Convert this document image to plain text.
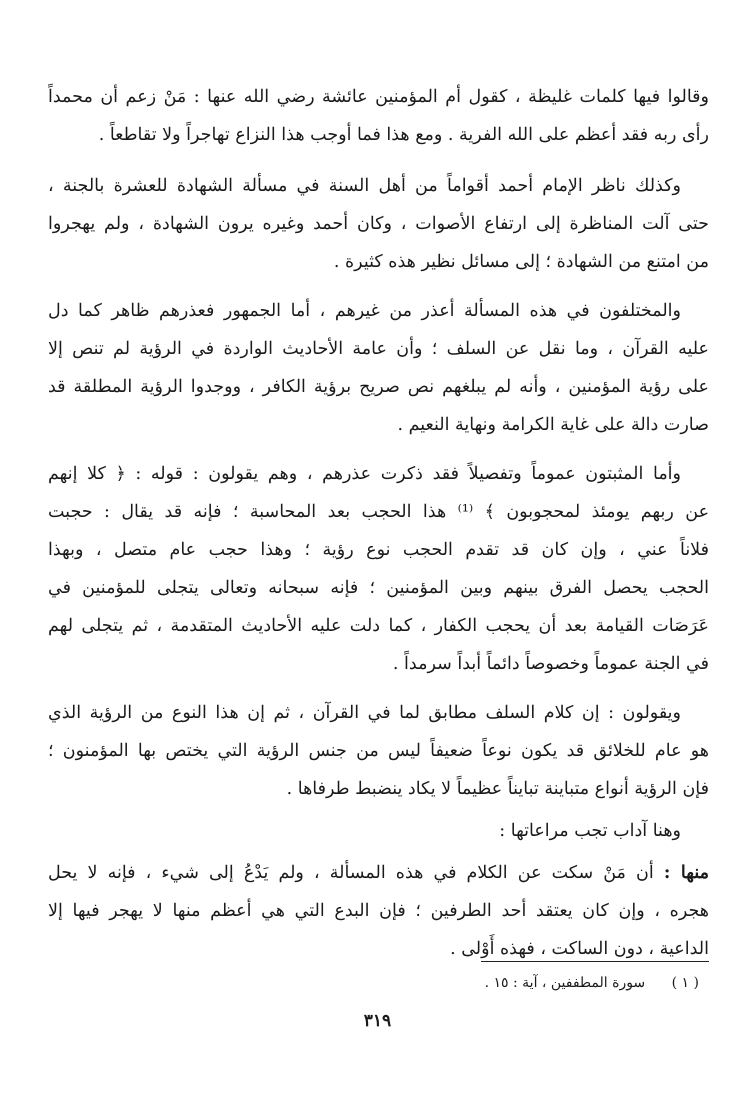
وقالوا فيها كلمات غليظة ، كقول أم المؤمنين عائشة رضي الله عنها : مَنْ زعم أن محمداً
رأى ربه فقد أعظم على الله الفرية . ومع هذا فما أوجب هذا النزاع تهاجراً ولا تقاطعاً .
وكذلك ناظر الإمام أحمد أقواماً من أهل السنة في مسألة الشهادة للعشرة بالجنة ،
حتى آلت المناظرة إلى ارتفاع الأصوات ، وكان أحمد وغيره يرون الشهادة ، ولم يهجروا
من امتنع من الشهادة ؛ إلى مسائل نظير هذه كثيرة .
والمختلفون في هذه المسألة أعذر من غيرهم ، أما الجمهور فعذرهم ظاهر كما دل
عليه القرآن ، وما نقل عن السلف ؛ وأن عامة الأحاديث الواردة في الرؤية لم تنص إلا
على رؤية المؤمنين ، وأنه لم يبلغهم نص صريح برؤية الكافر ، ووجدوا الرؤية المطلقة قد
صارت دالة على غاية الكرامة ونهاية النعيم .
وأما المثبتون عموماً وتفصيلاً فقد ذكرت عذرهم ، وهم يقولون : قوله : ﴿ كلا إنهم
عن ربهم يومئذ لمحجوبون ﴾ ⁽¹⁾ هذا الحجب بعد المحاسبة ؛ فإنه قد يقال : حجبت
فلاناً عني ، وإن كان قد تقدم الحجب نوع رؤية ؛ وهذا حجب عام متصل ، وبهذا
الحجب يحصل الفرق بينهم وبين المؤمنين ؛ فإنه سبحانه وتعالى يتجلى للمؤمنين في
عَرَصَات القيامة بعد أن يحجب الكفار ، كما دلت عليه الأحاديث المتقدمة ، ثم يتجلى لهم
في الجنة عموماً وخصوصاً دائماً أبداً سرمداً .
ويقولون : إن كلام السلف مطابق لما في القرآن ، ثم إن هذا النوع من الرؤية الذي
هو عام للخلائق قد يكون نوعاً ضعيفاً ليس من جنس الرؤية التي يختص بها المؤمنون ؛
فإن الرؤية أنواع متباينة تبايناً عظيماً لا يكاد ينضبط طرفاها .
وهنا آداب تجب مراعاتها :
منها : أن مَنْ سكت عن الكلام في هذه المسألة ، ولم يَدْعُ إلى شيء ، فإنه لا يحل
هجره ، وإن كان يعتقد أحد الطرفين ؛ فإن البدع التي هي أعظم منها لا يهجر فيها إلا
الداعية ، دون الساكت ، فهذه أَوْلى .
( ١ ) سورة المطففين ، آية : ١٥ .
٣١٩
